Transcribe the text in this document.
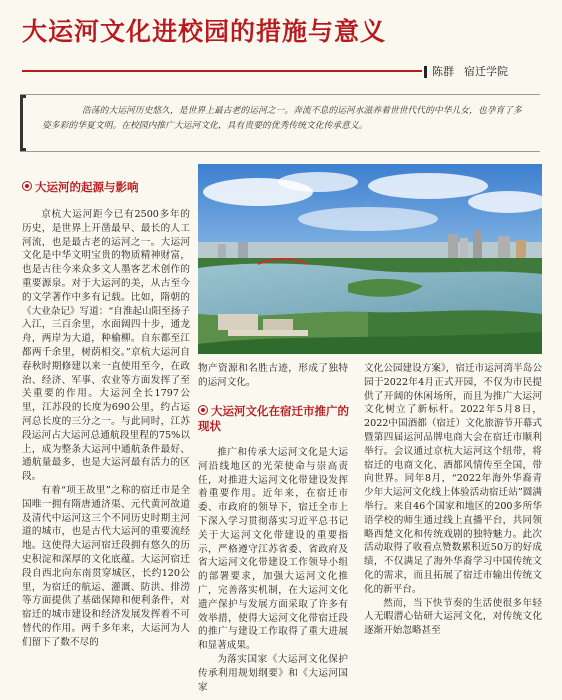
大运河文化进校园的措施与意义
陈群 宿迁学院
浩荡的大运河历史悠久，是世界上最古老的运河之一。奔流不息的运河水滋养着世世代代的中华儿女，也孕育了多姿多彩的华夏文明。在校园内推广大运河文化，具有贵要的优秀传统文化传承意义。
大运河的起源与影响

京杭大运河距今已有2500多年的历史，是世界上开凿最早、最长的人工河流，也是最古老的运河之一。大运河文化是中华文明宝贵的物质精神财富，也是古往今来众多文人墨客艺术创作的重要源泉。对于大运河的美，从古至今的文学著作中多有记载。比如，隋朝的《大业杂记》写道：“自淮起山阳至扬子入江，三百余里，水面阔四十步，通龙舟，两岸为大道，种榆柳。自东都至江都两千余里，树荫相交。”京杭大运河自春秋时期修建以来一直使用至今，在政治、经济、军事、农业等方面发挥了至关重要的作用。大运河全长1797公里，江苏段的长度为690公里，约占运河总长度的三分之一。与此同时，江苏段运河占大运河总通航段里程的75%以上，成为整条大运河中通航条件最好、通航量最多，也是大运河最有活力的区段。

有着“项王故里”之称的宿迁市是全国唯一拥有隋唐通济渠、元代黄河故道及清代中运河这三个不同历史时期主河道的城市，也是古代大运河的重要流经地。这使得大运河宿迁段拥有悠久的历史积淀和深厚的文化底蕴。大运河宿迁段自西北向东南贯穿城区，长约120公里，为宿迁的航运、灌溉、防洪、排涝等方面提供了基础保障和便利条件，对宿迁的城市建设和经济发展发挥着不可替代的作用。两千多年来，大运河为人们留下了数不尽的

物产资源和名胜古迹，形成了独特的运河文化。
大运河文化在宿迁市推广的现状

推广和传承大运河文化是大运河沿线地区的光荣使命与崇高责任，对推进大运河文化带建设发挥着重要作用。近年来，在宿迁市委、市政府的领导下，宿迁全市上下深入学习贯彻落实习近平总书记关于大运河文化带建设的重要指示，严格遵守江苏省委、省政府及省大运河文化带建设工作领导小组的部署要求，加强大运河文化推广，完善落实机制，在大运河文化遗产保护与发展方面采取了许多有效举措，使得大运河文化带宿迁段的推广与建设工作取得了重大进展和显著成果。

为落实国家《大运河文化保护传承利用规划纲要》和《大运河国家

文化公园建设方案》，宿迁市运河湾半岛公园于2022年4月正式开园，不仅为市民提供了开阔的休闲场所，而且为推广大运河文化树立了新标杆。2022年5月8日，2022中国酒都（宿迁）文化旅游节开幕式暨第四届运河品牌电商大会在宿迁市顺利举行。会议通过京杭大运河这个纽带，将宿迁的电商文化、酒都风情传至全国，带向世界。同年8月，“2022年海外华裔青少年大运河文化线上体验活动宿迁站”圆满举行。来自46个国家和地区的200多所华语学校的师生通过线上直播平台，共同领略西楚文化和传统戏剧的独特魅力。此次活动取得了收看点赞数累积近50万的好成绩，不仅满足了海外华裔学习中国传统文化的需求，而且拓展了宿迁市输出传统文化的新平台。

然而，当下快节奏的生活使很多年轻人无暇潜心钻研大运河文化，对传统文化逐渐开始忽略甚至
